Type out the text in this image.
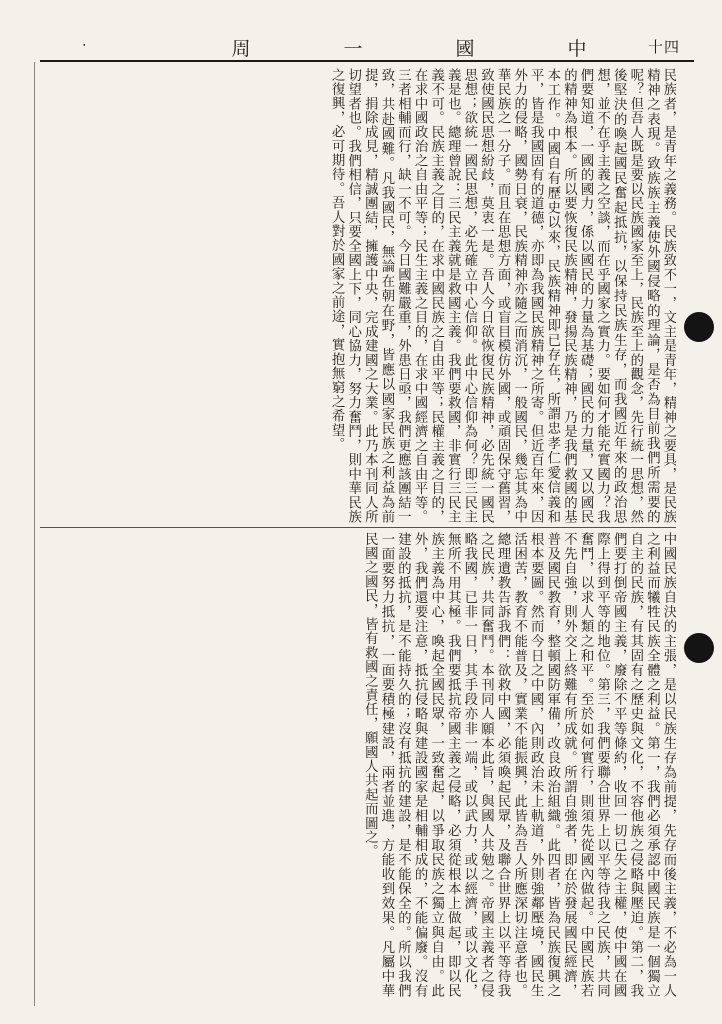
‧	周	一	國	中	十四
民族者，是青年之義務。民族致不一，文主是青年，精神之要具，是民族精神之表現。致族族主義使外國侵略的理論，是否為目前我們所需要的呢？但吾人既是要以民族國家至上，民族至上的觀念，先行統一思想，然後堅決的喚起國民奮起抵抗，以保持民族生存，而我國近年來的政治思想，並不在乎主義之空談，而在乎國家之實力。要如何才能充實國力？我們要知道，一國的國力，係以國民的力量為基礎；國民的力量，又以國民的精神為根本。所以要恢復民族精神，發揚民族精神，乃是我們救國的基本工作。中國自有歷史以來，民族精神即已存在，所謂忠孝仁愛信義和平，皆是我國固有的道德，亦即為我國民族精神之所寄。但近百年來，因外力的侵略，國勢日衰，民族精神亦隨之而消沉，一般國民，幾忘其為中華民族之一分子。而且在思想方面，或盲目模仿外國，或頑固保守舊習，致使國民思想紛歧，莫衷一是。吾人今日欲恢復民族精神，必先統一國民思想；欲統一國民思想，必先確立中心信仰。此中心信仰為何？即三民主義是也。總理曾說：三民主義就是救國主義。我們要救國，非實行三民主義不可。民族主義之目的，在求中國民族之自由平等；民權主義之目的，在求中國政治之自由平等；民生主義之目的，在求中國經濟之自由平等。三者相輔而行，缺一不可。今日國難嚴重，外患日亟，我們更應該團結一致，共赴國難。凡我國民，無論在朝在野，皆應以國家民族之利益為前提，捐除成見，精誠團結，擁護中央，完成建國之大業。此乃本刊同人所切望者也。我們相信，只要全國上下，同心協力，努力奮鬥，則中華民族之復興，必可期待。吾人對於國家之前途，實抱無窮之希望。
中國民族自決的主張，是以民族生存為前提，先存而後主義，不必為一人之利益而犧牲民族全體之利益。第一，我們必須承認中國民族是一個獨立自主的民族，有其固有之歷史與文化，不容他族之侵略與壓迫。第二，我們要打倒帝國主義，廢除不平等條約，收回一切已失之主權，使中國在國際上得到平等的地位。第三，我們要聯合世界上以平等待我之民族，共同奮鬥，以求人類之和平。至於如何實行，則須先從國內做起。中國民族若不先自強，則外交上終難有所成就。所謂自強者，即在於發展國民經濟，普及國民教育，整頓國防軍備，改良政治組織。此四者，皆為民族復興之根本要圖。然而今日之中國，內則政治未上軌道，外則強鄰壓境，國民生活困苦，教育不能普及，實業不能振興，此皆為吾人所應深切注意者也。總理遺教告訴我們：欲救中國，必須喚起民眾，及聯合世界上以平等待我之民族，共同奮鬥。本刊同人願本此旨，與國人共勉之。帝國主義者之侵略我國，已非一日，其手段亦非一端，或以武力，或以經濟，或以文化，無所不用其極。我們要抵抗帝國主義之侵略，必須從根本上做起，即以民族主義為中心，喚起全國民眾，一致奮起，以爭取民族之獨立與自由。此外，我們還要注意，抵抗侵略與建設國家是相輔相成的，不能偏廢。沒有建設的抵抗，是不能持久的；沒有抵抗的建設，是不能保全的。所以我們一面要努力抵抗，一面要積極建設，兩者並進，方能收到效果。凡屬中華民國之國民，皆有救國之責任，願國人共起而圖之。
